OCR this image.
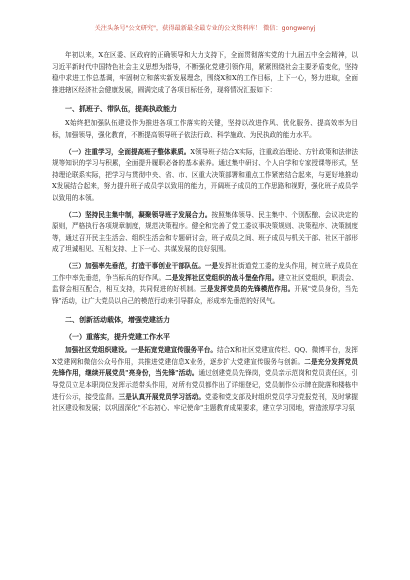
关注头条号"公文研究"，获得最新最全最专业的公文资料库！ 微信：gongwenyj

年初以来，X在区委、区政府的正确领导和大力支持下，全面贯彻落实党的十九届五中全会精神，以习近平新时代中国特色社会主义思想为指导，不断强化党建引领作用，紧紧围绕社会主要矛盾变化，坚持稳中求进工作总基调，牢固树立和落实新发展理念，围绕X和X的工作目标，上下一心，努力进取，全面推进辖区经济社会健康发展，圆满完成了各项目标任务，现将情况汇报如下：

一、抓班子、带队伍，提高执政能力

X始终把加强队伍建设作为推进各项工作落实的关键，坚持以改进作风、优化服务、提高效率为目标，加强领导，强化教育，不断提高领导班子依法行政、科学施政、为民执政的能力水平。

（一）注重学习，全面提高班子整体素质。X领导班子结合X实际，注重政治理论、方针政策和法律法规等知识的学习与积累，全面提升履职必备的基本素养。通过集中研讨、个人自学和专家授课等形式，坚持理论联系实际，把学习与贯彻中央、省、市、区重大决策部署和重点工作紧密结合起来，与更好地推动X发展结合起来，努力提升班子成员学以致用的能力，开阔班子成员的工作思路和视野，强化班子成员学以致用的本领。

（二）坚持民主集中制，凝聚领导班子发展合力。按照集体领导、民主集中、个别酝酿、会议决定的原则，严格执行各项规章制度，规范决策程序。健全和完善了党工委议事决策规则、决策程序、决策制度等，通过召开民主生活会、组织生活会和专题研讨会，班子成员之间、班子成员与机关干部、社区干部形成了坦诚相见、互相支持、上下一心、共谋发展的良好氛围。

（三）加强率先垂范，打造干事创业干部队伍。一是发挥社街道党工委的龙头作用，树立班子成员在工作中率先垂范，争当标兵的好作风。二是发挥社区党组织的战斗堡垒作用。建立社区党组织，职责会、监督会相互配合，相互支持，共同促进的好机制。三是发挥党员的先锋模范作用。开展"党员身份，当先锋"活动，让广大党员以自己的模范行动来引导群众，形成率先垂范的好风气。

二、创新活动载体，增强党建活力
（一）重落实，提升党建工作水平

加强社区党组织建设。一是拓宽党建宣传服务平台。结合X和社区党建宣传栏、QQ、微博平台，发挥X党建网和微信公众号作用，共推进党建信息X业务，逐步扩大党建宣传服务与创新。二是充分发挥党员先锋作用，继续开展党员"亮身份，当先锋"活动。通过创建党员先锋岗，党员亲示范岗和党员责任区，引导党员立足本职岗位发挥示范带头作用，对所有党员都作出了详细登记，党员制作公示牌在院落和楼栋中进行公示，接受监督。三是认真开展党员学习活动。党委和党支部及时组织党员学习党报党刊，及时掌握社区建设和发展；以巩固深化"不忘初心、牢记使命"主题教育成果要求，建立学习园地，营造浓厚学习氛
